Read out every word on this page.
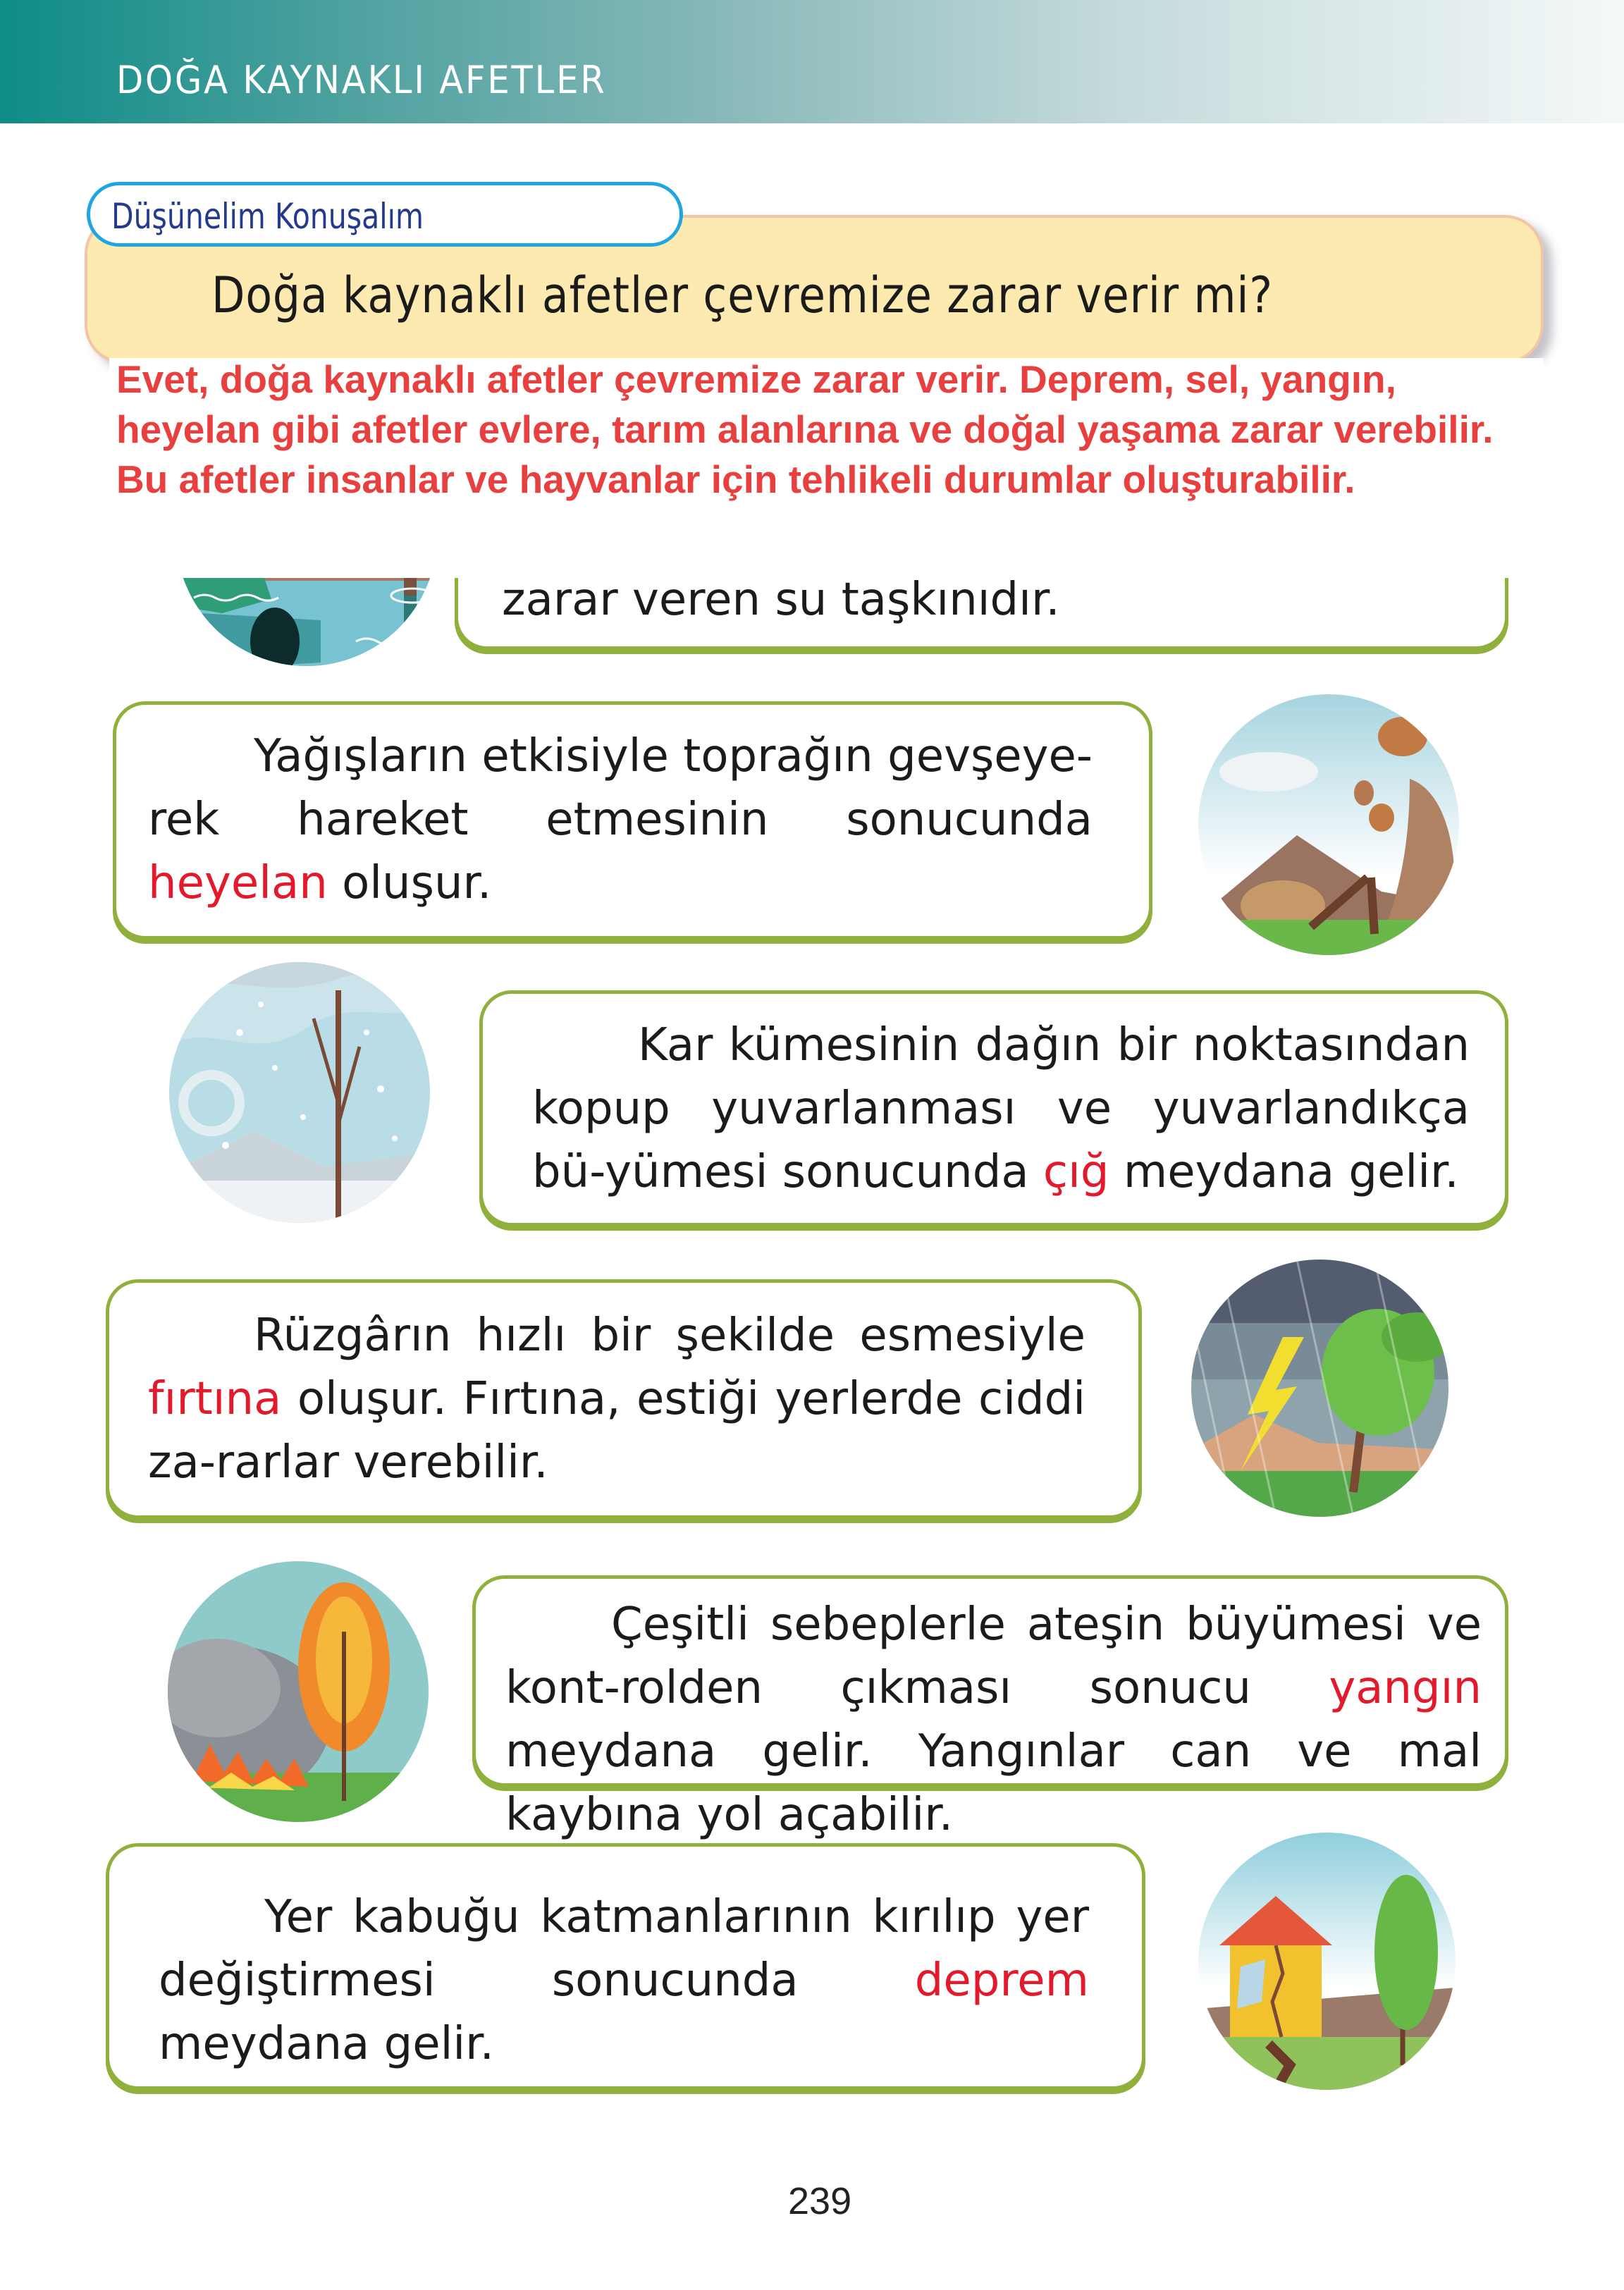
DOĞA KAYNAKLI AFETLER
Düşünelim Konuşalım
Doğa kaynaklı afetler çevremize zarar verir mi?
Evet, doğa kaynaklı afetler çevremize zarar verir. Deprem, sel, yangın, heyelan gibi afetler evlere, tarım alanlarına ve doğal yaşama zarar verebilir. Bu afetler insanlar ve hayvanlar için tehlikeli durumlar oluşturabilir.
zarar veren su taşkınıdır.
Yağışların etkisiyle toprağın gevşeye-rek hareket etmesinin sonucunda heyelan oluşur.
Kar kümesinin dağın bir noktasından kopup yuvarlanması ve yuvarlandıkça bü-yümesi sonucunda çığ meydana gelir.
Rüzgârın hızlı bir şekilde esmesiyle fırtına oluşur. Fırtına, estiği yerlerde ciddi za-rarlar verebilir.
Çeşitli sebeplerle ateşin büyümesi ve kont-rolden çıkması sonucu yangın meydana gelir. Yangınlar can ve mal kaybına yol açabilir.
Yer kabuğu katmanlarının kırılıp yer değiştirmesi sonucunda deprem meydana gelir.
239
